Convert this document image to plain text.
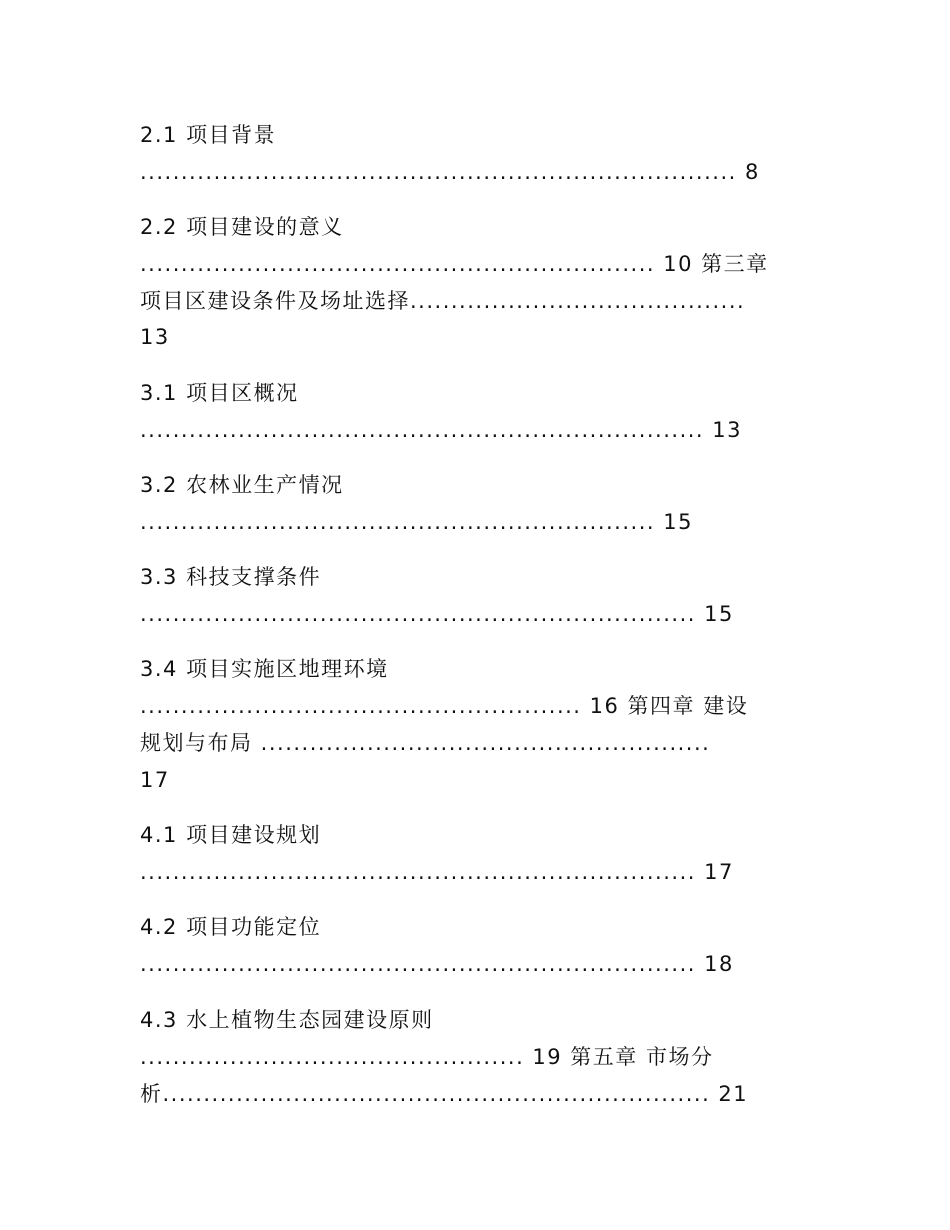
2.1 项目背景
......................................................................... 8
2.2 项目建设的意义
............................................................... 10 第三章
项目区建设条件及场址选择.........................................
13
3.1 项目区概况
..................................................................... 13
3.2 农林业生产情况
............................................................... 15
3.3 科技支撑条件
.................................................................... 15
3.4 项目实施区地理环境
...................................................... 16 第四章 建设
规划与布局 .......................................................
17
4.1 项目建设规划
.................................................................... 17
4.2 项目功能定位
.................................................................... 18
4.3 水上植物生态园建设原则
............................................... 19 第五章 市场分
析................................................................... 21
